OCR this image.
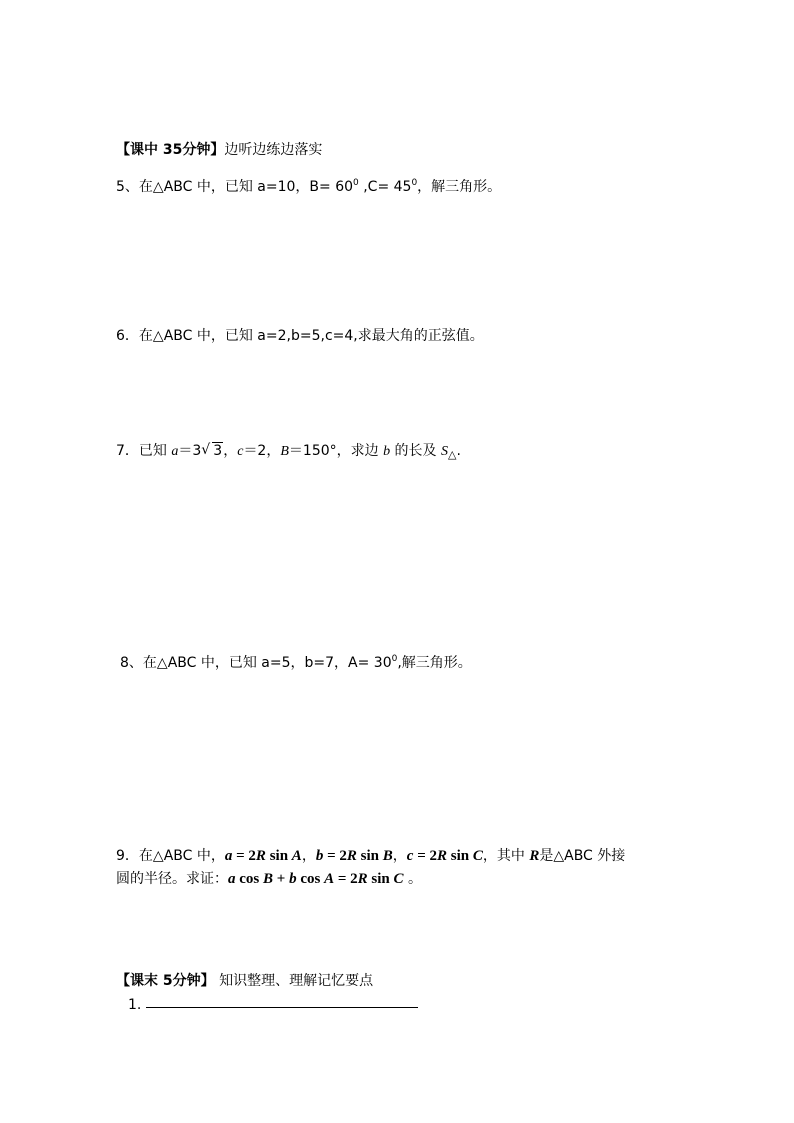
【课中 35分钟】边听边练边落实
5、在△ABC 中，已知 a=10，$B= 60^0$ $,C= 45^0$，解三角形。
6．在△ABC 中，已知 a=2,b=5,c=4,求最大角的正弦值。
7．已知 a＝3√ 3，c＝2，B＝150°，求边 b 的长及 $S_\triangle$.
8、在△ABC 中，已知 a=5，b=7，$A= 30^0$,解三角形。
9．在△ABC 中，a = 2R sin A，b = 2R sin B，c = 2R sin C，其中 R是△ABC 外接
圆的半径。求证：a cos B + b cos A = 2R sin C 。
【课末 5分钟】 知识整理、理解记忆要点
1.
